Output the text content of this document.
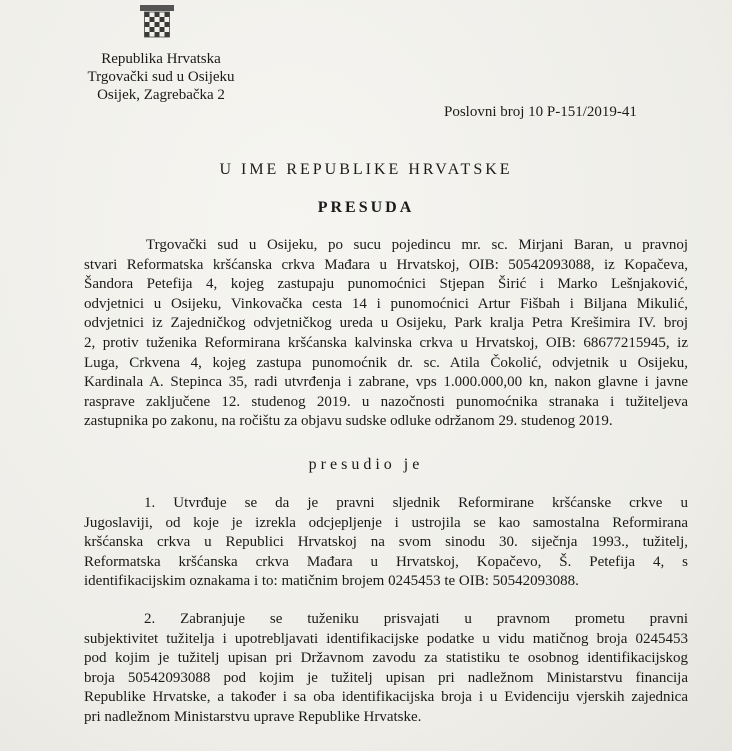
Republika Hrvatska
Trgovački sud u Osijeku
Osijek, Zagrebačka 2
Poslovni broj 10 P-151/2019-41
U IME REPUBLIKE HRVATSKE
PRESUDA
Trgovački sud u Osijeku, po sucu pojedincu mr. sc. Mirjani Baran, u pravnoj
stvari Reformatska kršćanska crkva Mađara u Hrvatskoj, OIB: 50542093088, iz Kopačeva,
Šandora Petefija 4, kojeg zastupaju punomoćnici Stjepan Širić i Marko Lešnjaković,
odvjetnici u Osijeku, Vinkovačka cesta 14 i punomoćnici Artur Fišbah i Biljana Mikulić,
odvjetnici iz Zajedničkog odvjetničkog ureda u Osijeku, Park kralja Petra Krešimira IV. broj
2, protiv tuženika Reformirana kršćanska kalvinska crkva u Hrvatskoj, OIB: 68677215945, iz
Luga, Crkvena 4, kojeg zastupa punomoćnik dr. sc. Atila Čokolić, odvjetnik u Osijeku,
Kardinala A. Stepinca 35, radi utvrđenja i zabrane, vps 1.000.000,00 kn, nakon glavne i javne
rasprave zaključene 12. studenog 2019. u nazočnosti punomoćnika stranaka i tužiteljeva
zastupnika po zakonu, na ročištu za objavu sudske odluke održanom 29. studenog 2019.
presudio je
1. Utvrđuje se da je pravni sljednik Reformirane kršćanske crkve u
Jugoslaviji, od koje je izrekla odcjepljenje i ustrojila se kao samostalna Reformirana
kršćanska crkva u Republici Hrvatskoj na svom sinodu 30. siječnja 1993., tužitelj,
Reformatska kršćanska crkva Mađara u Hrvatskoj, Kopačevo, Š. Petefija 4, s
identifikacijskim oznakama i to: matičnim brojem 0245453 te OIB: 50542093088.
2. Zabranjuje se tuženiku prisvajati u pravnom prometu pravni
subjektivitet tužitelja i upotrebljavati identifikacijske podatke u vidu matičnog broja 0245453
pod kojim je tužitelj upisan pri Državnom zavodu za statistiku te osobnog identifikacijskog
broja 50542093088 pod kojim je tužitelj upisan pri nadležnom Ministarstvu financija
Republike Hrvatske, a također i sa oba identifikacijska broja i u Evidenciju vjerskih zajednica
pri nadležnom Ministarstvu uprave Republike Hrvatske.
